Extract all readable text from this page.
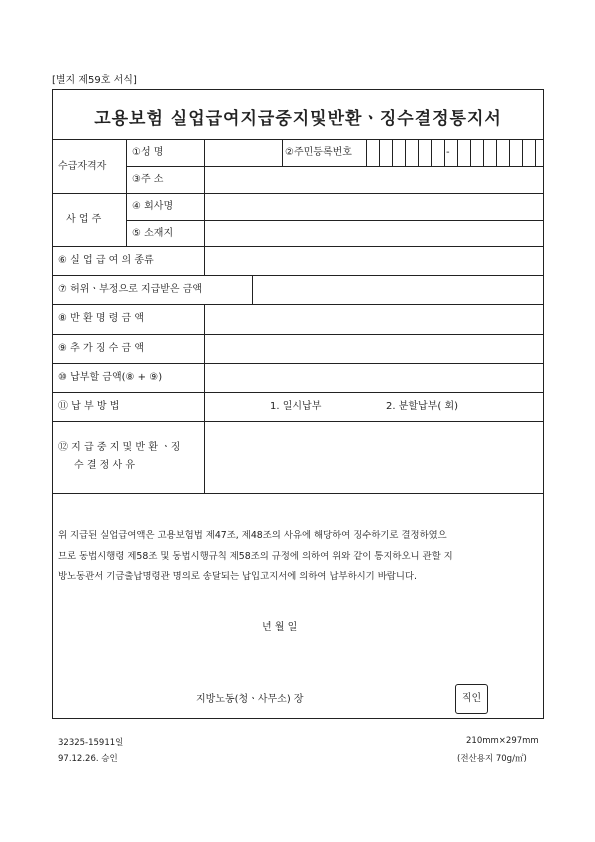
[별지 제59호 서식]
고용보험 실업급여지급중지및반환ㆍ징수결정통지서
수급자격자
①성 명	②주민등록번호	-
③주 소
사 업 주
④ 회사명
⑤ 소재지
⑥ 실 업 급 여 의 종류
⑦ 허위ㆍ부정으로 지급받은 금액
⑧ 반 환 명 령 금 액
⑨ 추 가 징 수 금 액
⑩ 납부할 금액(⑧ + ⑨)
⑪ 납 부 방 법	1. 일시납부	2. 분할납부( 회)
⑫ 지 급 중 지 및 반 환 ㆍ징
수 결 정 사 유
위 지급된 실업급여액은 고용보험법 제47조, 제48조의 사유에 해당하여 징수하기로 결정하였으
므로 동법시행령 제58조 및 동법시행규칙 제58조의 규정에 의하여 위와 같이 통지하오니 관할 지
방노동관서 기금출납명령관 명의로 송달되는 납입고지서에 의하여 납부하시기 바랍니다.
년 월 일
지방노동(청ㆍ사무소) 장	직인
32325-15911일
97.12.26. 승인
210mm×297mm
(전산용지 70g/㎡)
